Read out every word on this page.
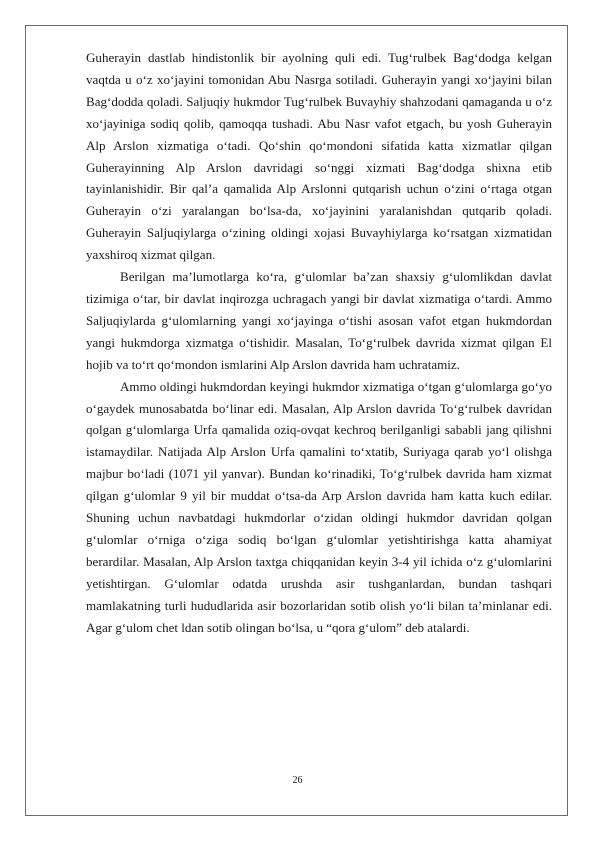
Guherayin dastlab hindistonlik bir ayolning quli edi. Tug‘rulbek Bag‘dodga kelgan vaqtda u o‘z xo‘jayini tomonidan Abu Nasrga sotiladi. Guherayin yangi xo‘jayini bilan Bag‘dodda qoladi. Saljuqiy hukmdor Tug‘rulbek Buvayhiy shahzodani qamaganda u o‘z xo‘jayiniga sodiq qolib, qamoqqa tushadi. Abu Nasr vafot etgach, bu yosh Guherayin Alp Arslon xizmatiga o‘tadi. Qo‘shin qo‘mondoni sifatida katta xizmatlar qilgan Guherayinning Alp Arslon davridagi so‘nggi xizmati Bag‘dodga shixna etib tayinlanishidir. Bir qal’a qamalida Alp Arslonni qutqarish uchun o‘zini o‘rtaga otgan Guherayin o‘zi yaralangan bo‘lsa-da, xo‘jayinini yaralanishdan qutqarib qoladi. Guherayin Saljuqiylarga o‘zining oldingi xojasi Buvayhiylarga ko‘rsatgan xizmatidan yaxshiroq xizmat qilgan.

Berilgan ma’lumotlarga ko‘ra, g‘ulomlar ba’zan shaxsiy g‘ulomlikdan davlat tizimiga o‘tar, bir davlat inqirozga uchragach yangi bir davlat xizmatiga o‘tardi. Ammo Saljuqiylarda g‘ulomlarning yangi xo‘jayinga o‘tishi asosan vafot etgan hukmdordan yangi hukmdorga xizmatga o‘tishidir. Masalan, To‘g‘rulbek davrida xizmat qilgan El hojib va to‘rt qo‘mondon ismlarini Alp Arslon davrida ham uchratamiz.

Ammo oldingi hukmdordan keyingi hukmdor xizmatiga o‘tgan g‘ulomlarga go‘yo o‘gaydek munosabatda bo‘linar edi. Masalan, Alp Arslon davrida To‘g‘rulbek davridan qolgan g‘ulomlarga Urfa qamalida oziq-ovqat kechroq berilganligi sababli jang qilishni istamaydilar. Natijada Alp Arslon Urfa qamalini to‘xtatib, Suriyaga qarab yo‘l olishga majbur bo‘ladi (1071 yil yanvar). Bundan ko‘rinadiki, To‘g‘rulbek davrida ham xizmat qilgan g‘ulomlar 9 yil bir muddat o‘tsa-da Arp Arslon davrida ham katta kuch edilar. Shuning uchun navbatdagi hukmdorlar o‘zidan oldingi hukmdor davridan qolgan g‘ulomlar o‘rniga o‘ziga sodiq bo‘lgan g‘ulomlar yetishtirishga katta ahamiyat berardilar. Masalan, Alp Arslon taxtga chiqqanidan keyin 3-4 yil ichida o‘z g‘ulomlarini yetishtirgan. G‘ulomlar odatda urushda asir tushganlardan, bundan tashqari mamlakatning turli hududlarida asir bozorlaridan sotib olish yo‘li bilan ta’minlanar edi. Agar g‘ulom chet ldan sotib olingan bo‘lsa, u “qora g‘ulom” deb atalardi.

26
